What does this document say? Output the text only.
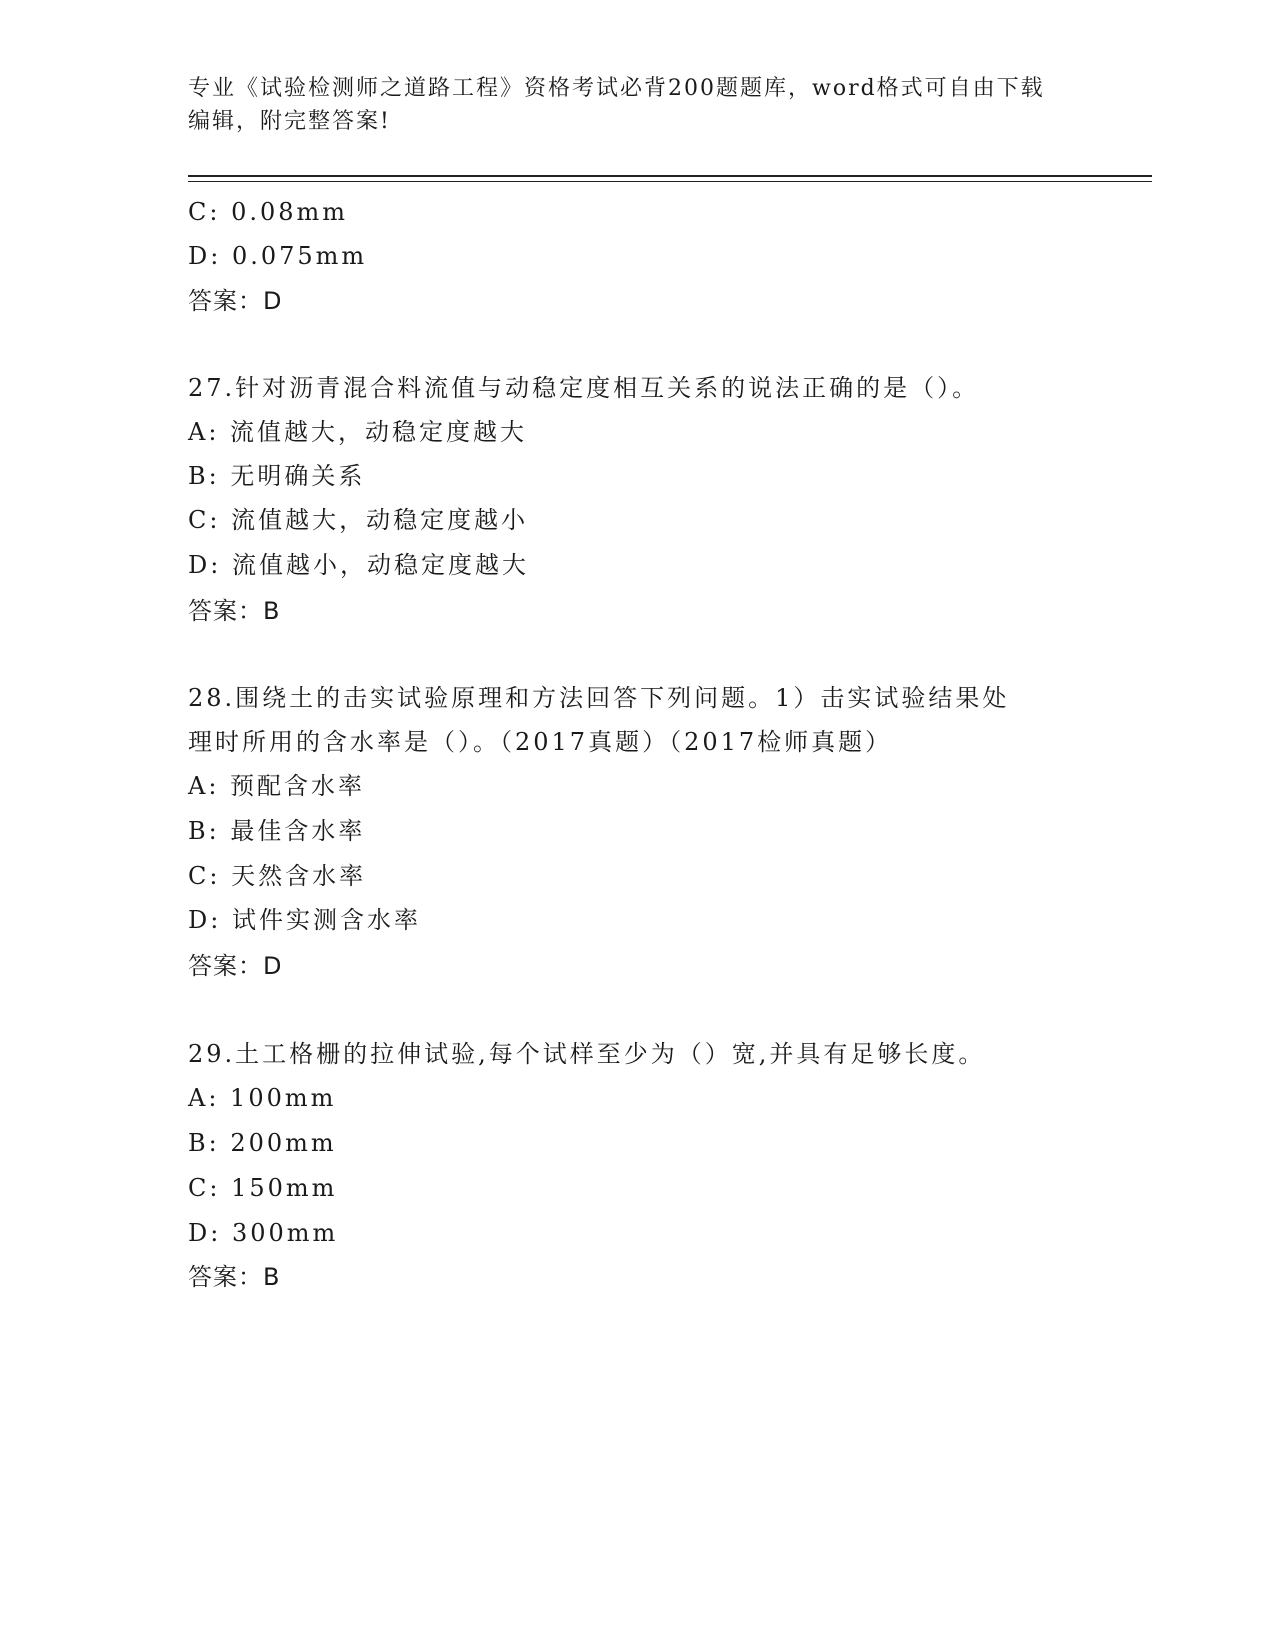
专业《试验检测师之道路工程》资格考试必背200题题库，word格式可自由下载
编辑，附完整答案!
C: 0.08mm
D: 0.075mm
答案：D
27.针对沥青混合料流值与动稳定度相互关系的说法正确的是（）。
A: 流值越大，动稳定度越大
B: 无明确关系
C: 流值越大，动稳定度越小
D: 流值越小，动稳定度越大
答案：B
28.围绕土的击实试验原理和方法回答下列问题。1）击实试验结果处
理时所用的含水率是（）。（2017真题）（2017检师真题）
A: 预配含水率
B: 最佳含水率
C: 天然含水率
D: 试件实测含水率
答案：D
29.土工格栅的拉伸试验,每个试样至少为（）宽,并具有足够长度。
A: 100mm
B: 200mm
C: 150mm
D: 300mm
答案：B
